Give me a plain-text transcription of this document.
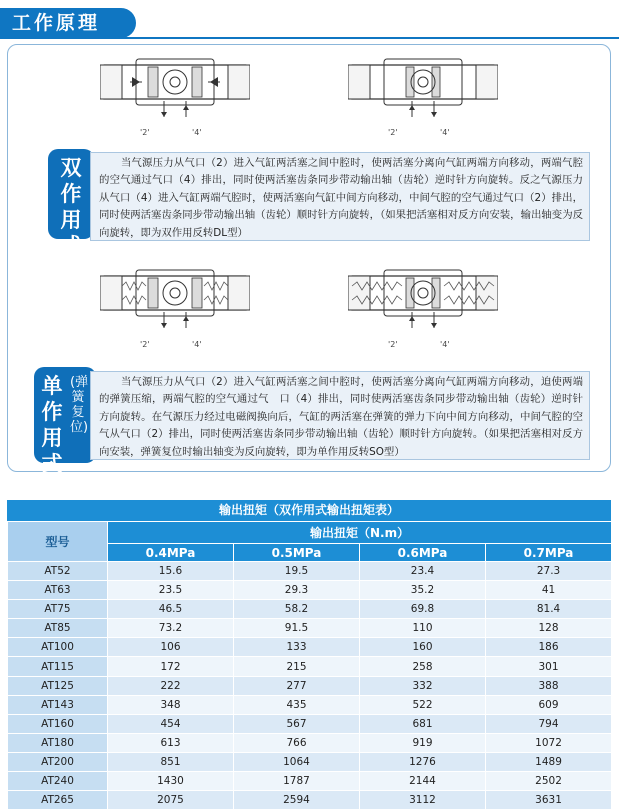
工作原理
'2'	'4'	'2'	'4'
双作用式
当气源压力从气口（2）进入气缸两活塞之间中腔时，使两活塞分离向气缸两端方向移动，两端气腔的空气通过气口（4）排出，同时使两活塞齿条同步带动输出轴（齿轮）逆时针方向旋转。反之气源压力从气口（4）进入气缸两端气腔时，使两活塞向气缸中间方向移动，中间气腔的空气通过气口（2）排出，同时使两活塞齿条同步带动输出轴（齿轮）顺时针方向旋转，（如果把活塞相对反方向安装，输出轴变为反向旋转，即为双作用反转DL型）
'2'	'4'	'2'	'4'
单作用式
(弹簧复位)
当气源压力从气口（2）进入气缸两活塞之间中腔时，使两活塞分离向气缸两端方向移动，迫使两端的弹簧压缩，两端气腔的空气通过气　口（4）排出，同时使两活塞齿条同步带动输出轴（齿轮）逆时针方向旋转。在气源压力经过电磁阀换向后，气缸的两活塞在弹簧的弹力下向中间方向移动，中间气腔的空气从气口（2）排出，同时使两活塞齿条同步带动输出轴（齿轮）顺时针方向旋转。（如果把活塞相对反方向安装，弹簧复位时输出轴变为反向旋转，即为单作用反转SO型）
输出扭矩（双作用式输出扭矩表）
型号	输出扭矩（N.m）			
	0.4MPa	0.5MPa	0.6MPa	0.7MPa
AT52	15.6	19.5	23.4	27.3
AT63	23.5	29.3	35.2	41
AT75	46.5	58.2	69.8	81.4
AT85	73.2	91.5	110	128
AT100	106	133	160	186
AT115	172	215	258	301
AT125	222	277	332	388
AT143	348	435	522	609
AT160	454	567	681	794
AT180	613	766	919	1072
AT200	851	1064	1276	1489
AT240	1430	1787	2144	2502
AT265	2075	2594	3112	3631
